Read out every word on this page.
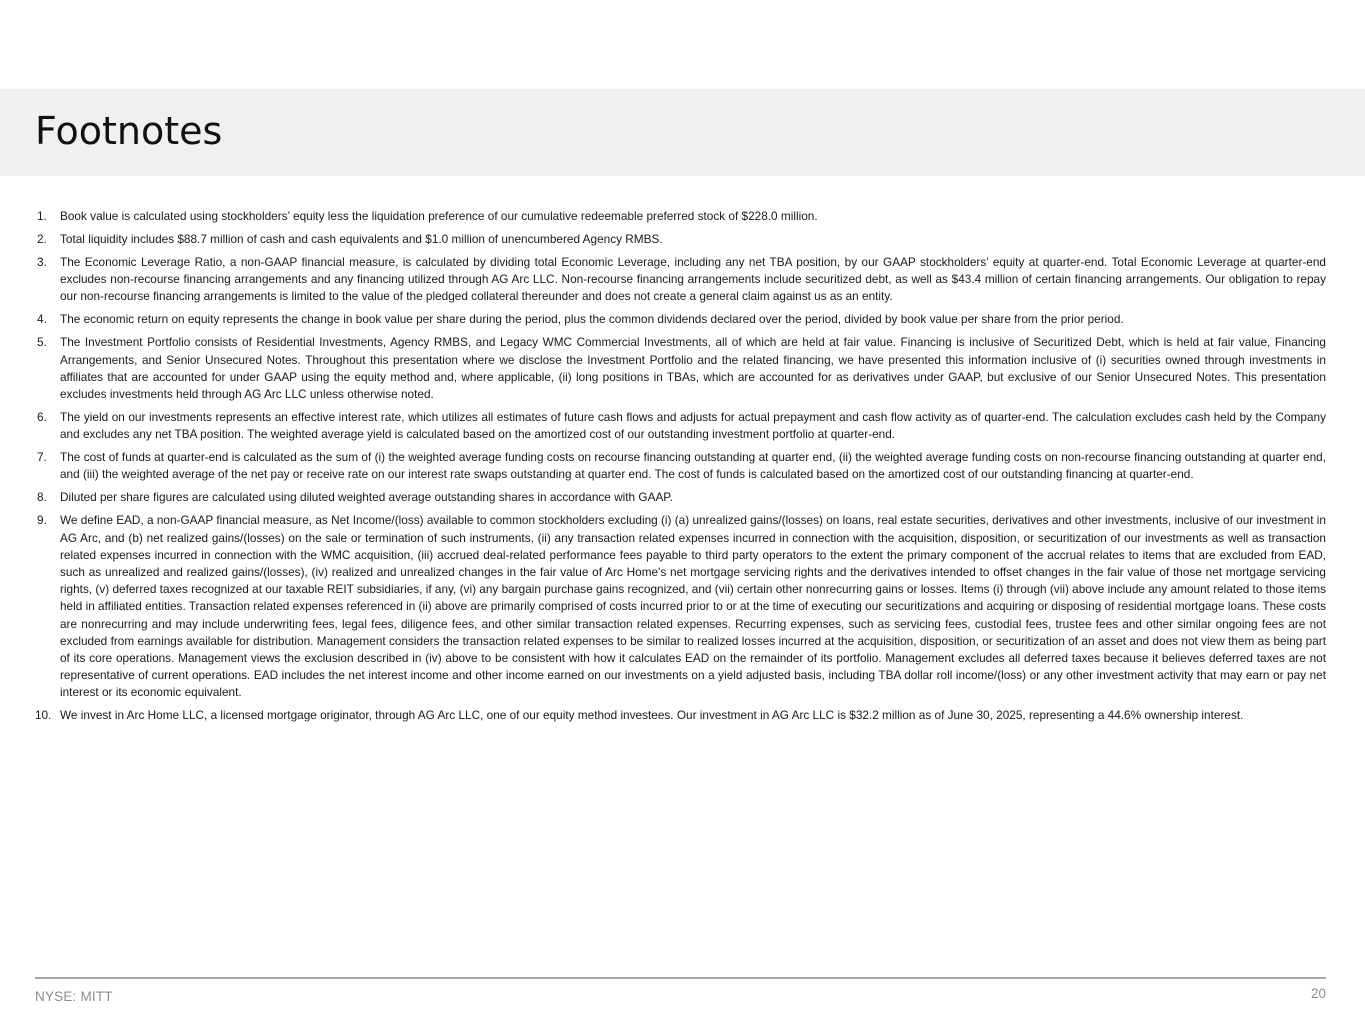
Footnotes
1. Book value is calculated using stockholders’ equity less the liquidation preference of our cumulative redeemable preferred stock of $228.0 million.
2. Total liquidity includes $88.7 million of cash and cash equivalents and $1.0 million of unencumbered Agency RMBS.
3. The Economic Leverage Ratio, a non-GAAP financial measure, is calculated by dividing total Economic Leverage, including any net TBA position, by our GAAP stockholders’ equity at quarter-end. Total Economic Leverage at quarter-end excludes non-recourse financing arrangements and any financing utilized through AG Arc LLC. Non-recourse financing arrangements include securitized debt, as well as $43.4 million of certain financing arrangements. Our obligation to repay our non-recourse financing arrangements is limited to the value of the pledged collateral thereunder and does not create a general claim against us as an entity.
4. The economic return on equity represents the change in book value per share during the period, plus the common dividends declared over the period, divided by book value per share from the prior period.
5. The Investment Portfolio consists of Residential Investments, Agency RMBS, and Legacy WMC Commercial Investments, all of which are held at fair value. Financing is inclusive of Securitized Debt, which is held at fair value, Financing Arrangements, and Senior Unsecured Notes. Throughout this presentation where we disclose the Investment Portfolio and the related financing, we have presented this information inclusive of (i) securities owned through investments in affiliates that are accounted for under GAAP using the equity method and, where applicable, (ii) long positions in TBAs, which are accounted for as derivatives under GAAP, but exclusive of our Senior Unsecured Notes. This presentation excludes investments held through AG Arc LLC unless otherwise noted.
6. The yield on our investments represents an effective interest rate, which utilizes all estimates of future cash flows and adjusts for actual prepayment and cash flow activity as of quarter-end. The calculation excludes cash held by the Company and excludes any net TBA position. The weighted average yield is calculated based on the amortized cost of our outstanding investment portfolio at quarter-end.
7. The cost of funds at quarter-end is calculated as the sum of (i) the weighted average funding costs on recourse financing outstanding at quarter end, (ii) the weighted average funding costs on non-recourse financing outstanding at quarter end, and (iii) the weighted average of the net pay or receive rate on our interest rate swaps outstanding at quarter end. The cost of funds is calculated based on the amortized cost of our outstanding financing at quarter-end.
8. Diluted per share figures are calculated using diluted weighted average outstanding shares in accordance with GAAP.
9. We define EAD, a non-GAAP financial measure, as Net Income/(loss) available to common stockholders excluding (i) (a) unrealized gains/(losses) on loans, real estate securities, derivatives and other investments, inclusive of our investment in AG Arc, and (b) net realized gains/(losses) on the sale or termination of such instruments, (ii) any transaction related expenses incurred in connection with the acquisition, disposition, or securitization of our investments as well as transaction related expenses incurred in connection with the WMC acquisition, (iii) accrued deal-related performance fees payable to third party operators to the extent the primary component of the accrual relates to items that are excluded from EAD, such as unrealized and realized gains/(losses), (iv) realized and unrealized changes in the fair value of Arc Home's net mortgage servicing rights and the derivatives intended to offset changes in the fair value of those net mortgage servicing rights, (v) deferred taxes recognized at our taxable REIT subsidiaries, if any, (vi) any bargain purchase gains recognized, and (vii) certain other nonrecurring gains or losses. Items (i) through (vii) above include any amount related to those items held in affiliated entities. Transaction related expenses referenced in (ii) above are primarily comprised of costs incurred prior to or at the time of executing our securitizations and acquiring or disposing of residential mortgage loans. These costs are nonrecurring and may include underwriting fees, legal fees, diligence fees, and other similar transaction related expenses. Recurring expenses, such as servicing fees, custodial fees, trustee fees and other similar ongoing fees are not excluded from earnings available for distribution. Management considers the transaction related expenses to be similar to realized losses incurred at the acquisition, disposition, or securitization of an asset and does not view them as being part of its core operations. Management views the exclusion described in (iv) above to be consistent with how it calculates EAD on the remainder of its portfolio. Management excludes all deferred taxes because it believes deferred taxes are not representative of current operations. EAD includes the net interest income and other income earned on our investments on a yield adjusted basis, including TBA dollar roll income/(loss) or any other investment activity that may earn or pay net interest or its economic equivalent.
10. We invest in Arc Home LLC, a licensed mortgage originator, through AG Arc LLC, one of our equity method investees. Our investment in AG Arc LLC is $32.2 million as of June 30, 2025, representing a 44.6% ownership interest.
NYSE: MITT	20
